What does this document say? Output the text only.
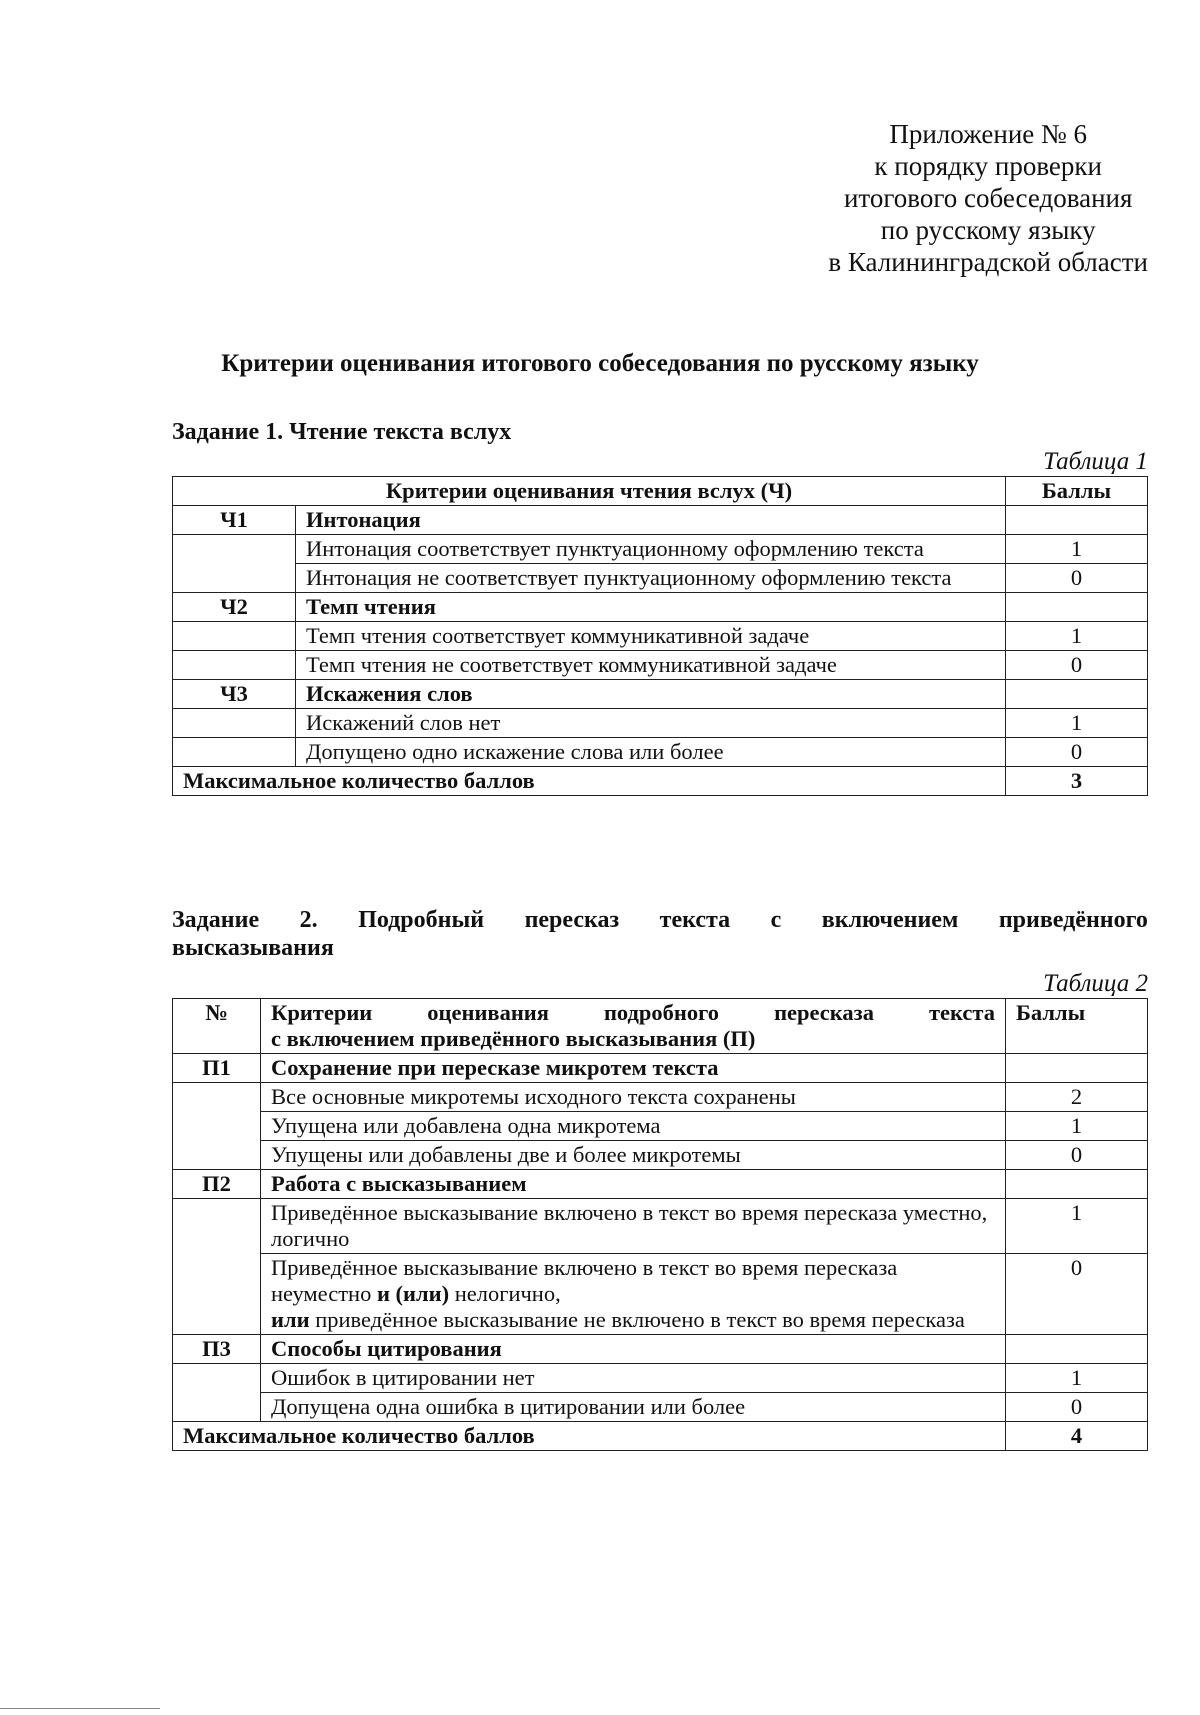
Приложение № 6
к порядку проверки
итогового собеседования
по русскому языку
в Калининградской области
Критерии оценивания итогового собеседования по русскому языку
Задание 1. Чтение текста вслух
Таблица 1
Критерии оценивания чтения вслух (Ч)		Баллы
Ч1	Интонация	
	Интонация соответствует пунктуационному оформлению текста	1
	Интонация не соответствует пунктуационному оформлению текста	0
Ч2	Темп чтения	
	Темп чтения соответствует коммуникативной задаче	1
	Темп чтения не соответствует коммуникативной задаче	0
Ч3	Искажения слов	
	Искажений слов нет	1
	Допущено одно искажение слова или более	0
Максимальное количество баллов		3
Задание 2. Подробный пересказ текста с включением приведённого
высказывания
Таблица 2
№	Критерии оценивания подробного пересказа текста
с включением приведённого высказывания (П)	Баллы
П1	Сохранение при пересказе микротем текста	
	Все основные микротемы исходного текста сохранены	2
	Упущена или добавлена одна микротема	1
	Упущены или добавлены две и более микротемы	0
П2	Работа с высказыванием	
	Приведённое высказывание включено в текст во время пересказа уместно, логично	1
	Приведённое высказывание включено в текст во время пересказа неуместно и (или) нелогично,
или приведённое высказывание не включено в текст во время пересказа	0
П3	Способы цитирования	
	Ошибок в цитировании нет	1
	Допущена одна ошибка в цитировании или более	0
Максимальное количество баллов		4
